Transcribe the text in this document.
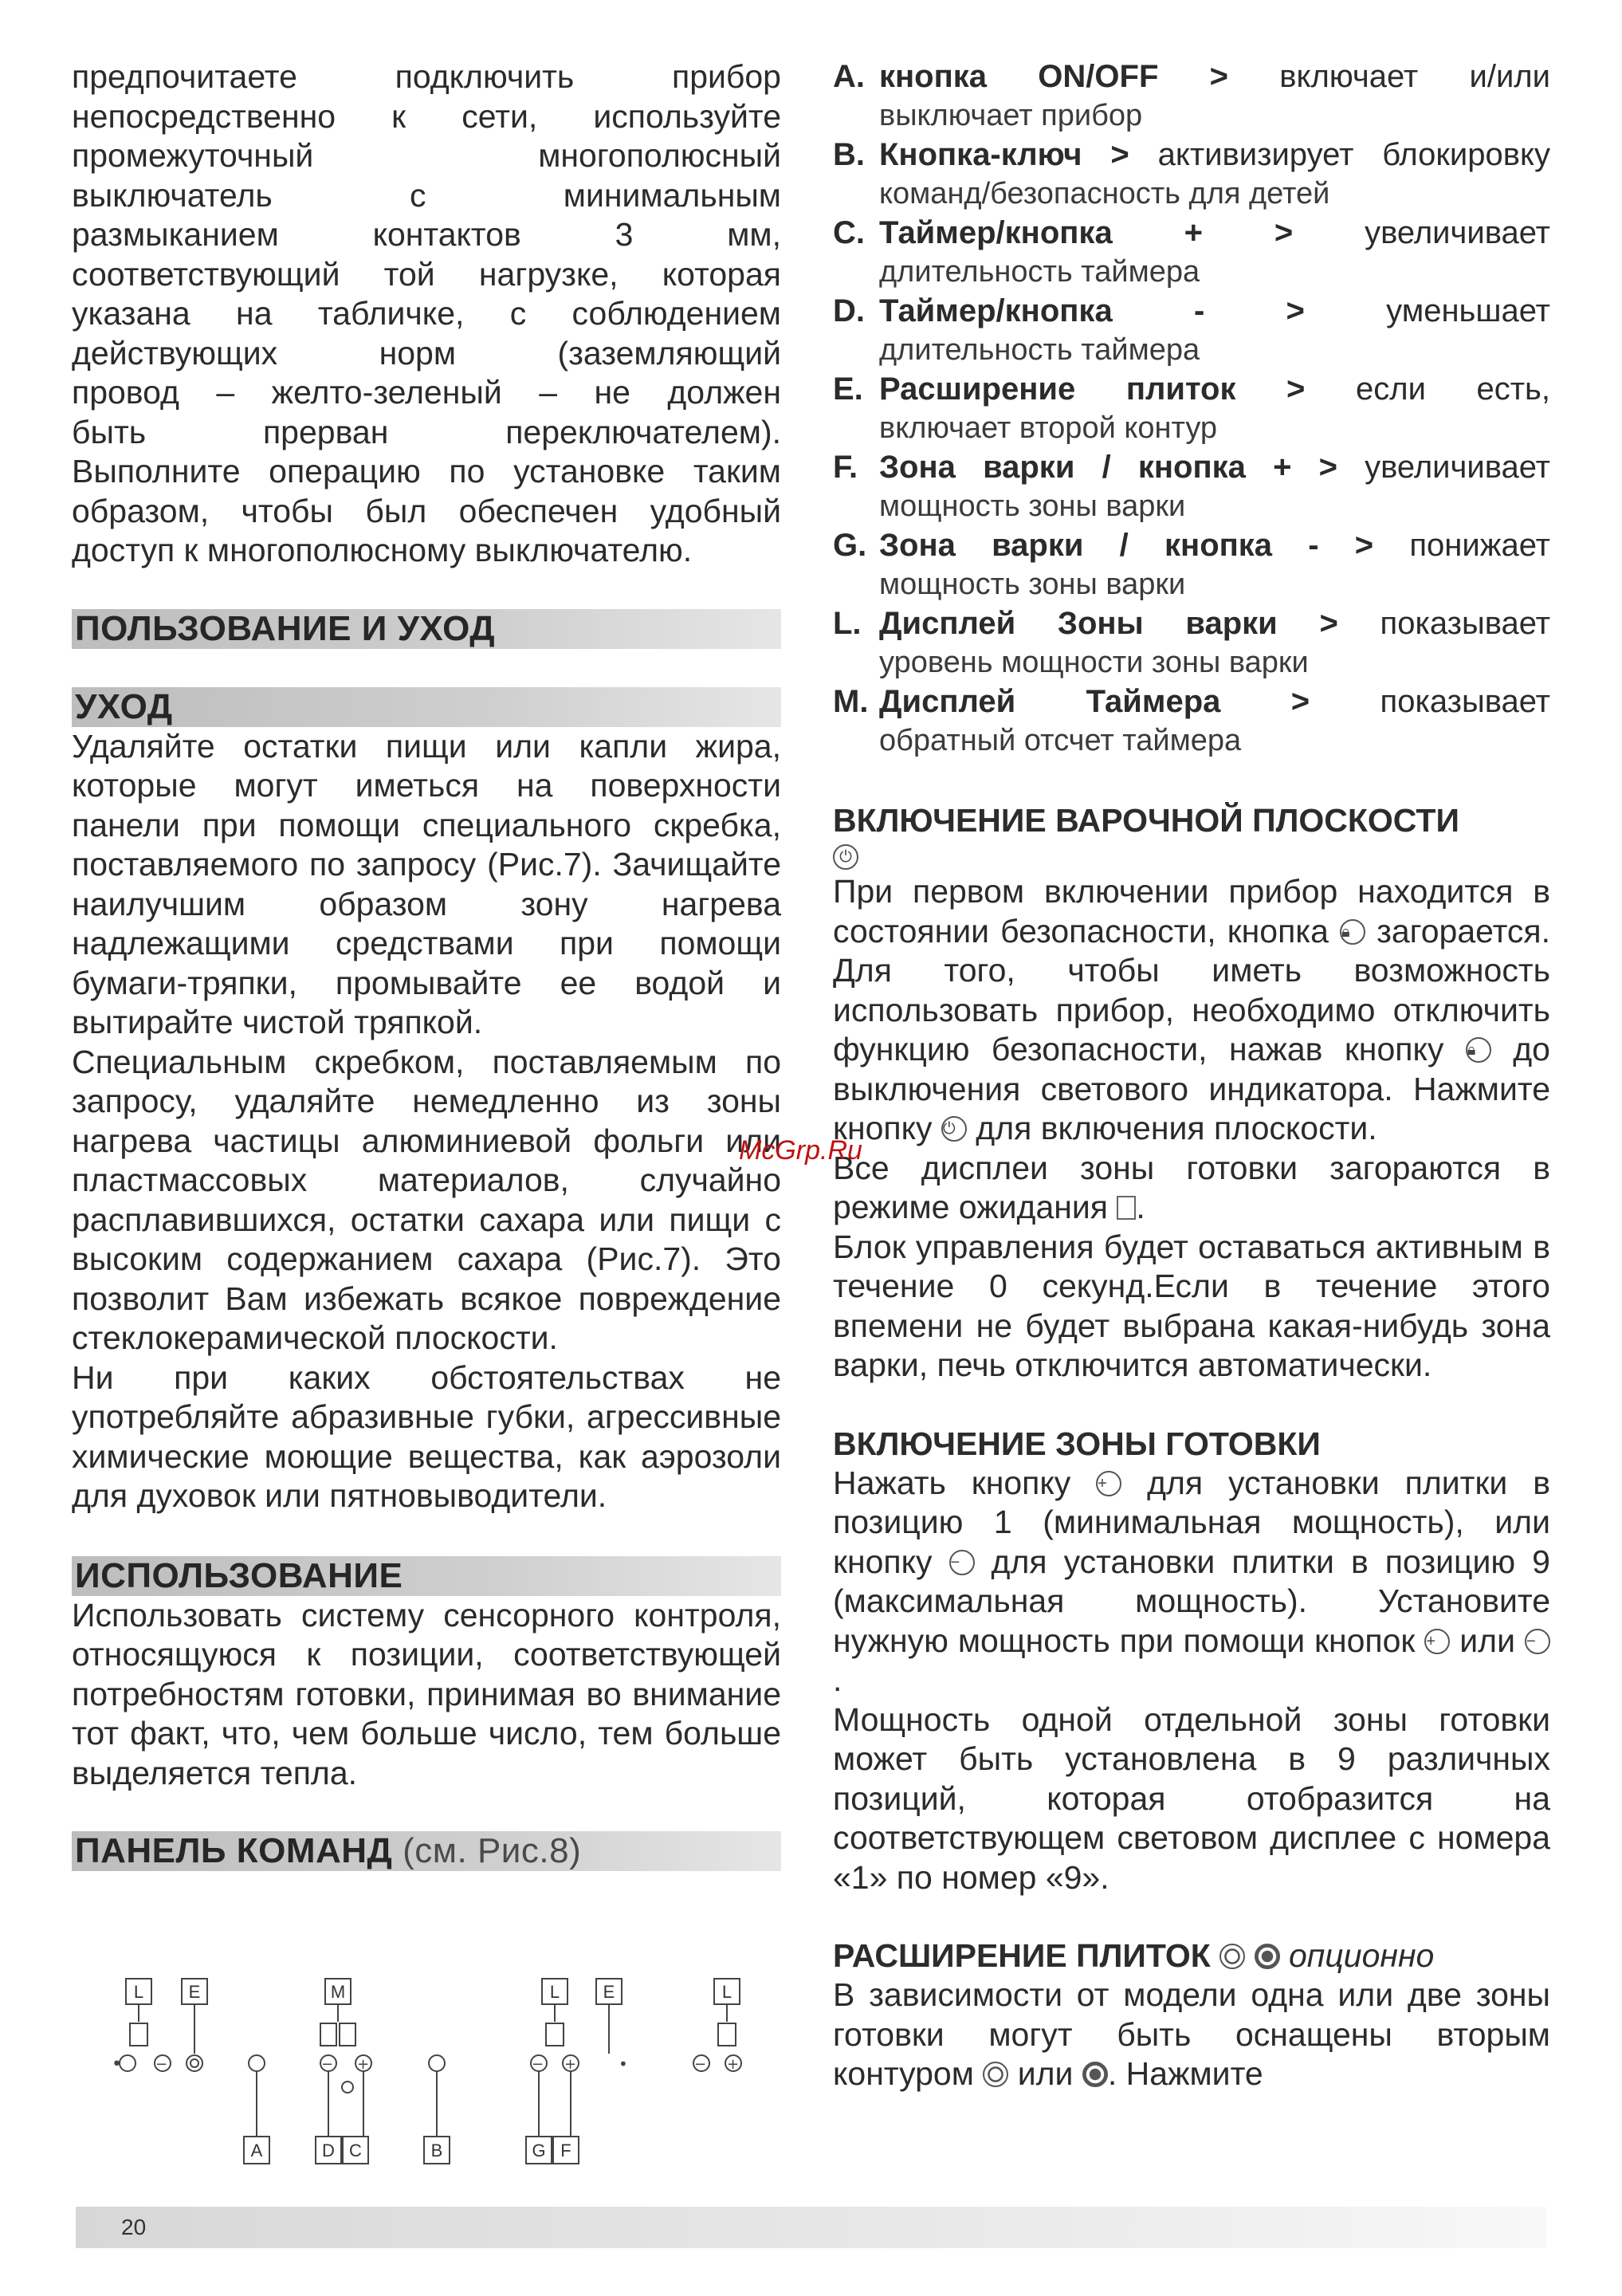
предпочитаете подключить прибор

непосредственно к сети, используйте

промежуточный многополюсный

выключатель с минимальным

размыканием контактов 3 мм,

соответствующий той нагрузке, которая

указана на табличке, с соблюдением

действующих норм (заземляющий

провод – желто-зеленый – не должен

быть прерван переключателем).

Выполните операцию по установке таким образом, чтобы был обеспечен удобный доступ к многополюсному выключателю.

ПОЛЬЗОВАНИЕ И УХОД
УХОД

Удаляйте остатки пищи или капли жира, которые могут иметься на поверхности панели при помощи специального скребка, поставляемого по запросу (Рис.7). Зачищайте наилучшим образом зону нагрева надлежащими средствами при помощи бумаги-тряпки, промывайте ее водой и вытирайте чистой тряпкой.

Специальным скребком, поставляемым по запросу, удаляйте немедленно из зоны нагрева частицы алюминиевой фольги или пластмассовых материалов, случайно расплавившихся, остатки сахара или пищи с высоким содержанием сахара (Рис.7). Это позволит Вам избежать всякое повреждение стеклокерамической плоскости.

Ни при каких обстоятельствах не употребляйте абразивные губки, агрессивные химические моющие вещества, как аэрозоли для духовок или пятновыводители.

ИСПОЛЬЗОВАНИЕ

Использовать систему сенсорного контроля, относящуюся к позиции, соответствующей потребностям готовки, принимая во внимание тот факт, что, чем больше число, тем больше выделяется тепла.

ПАНЕЛЬ КОМАНД (см. Рис.8)
•	•
−	−	−	−
+	+	+
L	E	M	L E	L
A	D C	B	G F
A. кнопка ON/OFF > включает и/или
выключает прибор
B. Кнопка-ключ > активизирует блокировку
команд/безопасность для детей
C. Таймер/кнопка + > увеличивает
длительность таймера
D. Таймер/кнопка - >	уменьшает
длительность таймера
E. Расширение плиток > если есть,
включает второй контур
F. Зона варки / кнопка + > увеличивает
мощность зоны варки
G. Зона варки / кнопка - > понижает
мощность зоны варки
L. Дисплей Зоны варки > показывает
уровень мощности зоны варки
M. Дисплей Таймера > показывает
обратный отсчет таймера
ВКЛЮЧЕНИЕ ВАРОЧНОЙ ПЛОСКОСТИ
⏻

При первом включении прибор находится в состоянии безопасности, кнопка 🔒︎ загорается. Для того, чтобы иметь возможность использовать прибор, необходимо отключить функцию безопасности, нажав кнопку 🔒︎ до выключения светового индикатора. Нажмите кнопку ⏻ для включения плоскости.

Все дисплеи зоны готовки загораются в режиме ожидания .

Блок управления будет оставаться активным в течение 0 секунд.Если в течение этого впемени не будет выбрана какая-нибудь зона варки, печь отключится автоматически.

ВКЛЮЧЕНИЕ ЗОНЫ ГОТОВКИ

Нажать кнопку + для установки плитки в позицию 1 (минимальная мощность), или кнопку − для установки плитки в позицию 9 (максимальная мощность). Установите нужную мощность при помощи кнопок + или −.

Мощность одной отдельной зоны готовки может быть установлена в 9 различных позиций, которая отобразится на соответствующем световом дисплее с номера «1» по номер «9».

РАСШИРЕНИЕ ПЛИТОК опционно

В зависимости от модели одна или две зоны готовки могут быть оснащены вторым контуром или . Нажмите

McGrp.Ru
20
